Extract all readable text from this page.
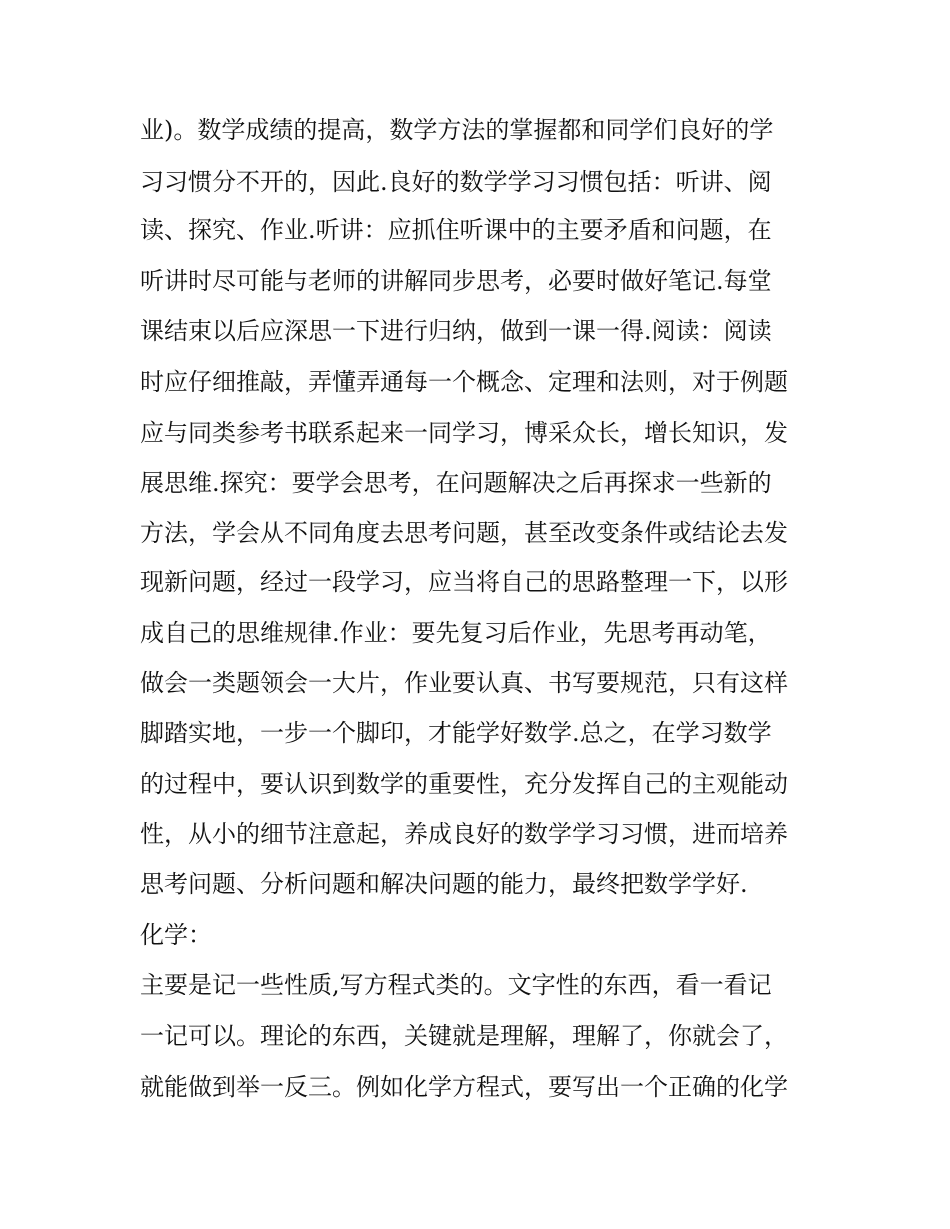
业)。数学成绩的提高，数学方法的掌握都和同学们良好的学

习习惯分不开的，因此.良好的数学学习习惯包括：听讲、阅

读、探究、作业.听讲：应抓住听课中的主要矛盾和问题，在

听讲时尽可能与老师的讲解同步思考，必要时做好笔记.每堂

课结束以后应深思一下进行归纳，做到一课一得.阅读：阅读

时应仔细推敲，弄懂弄通每一个概念、定理和法则，对于例题

应与同类参考书联系起来一同学习，博采众长，增长知识，发

展思维.探究：要学会思考，在问题解决之后再探求一些新的

方法，学会从不同角度去思考问题，甚至改变条件或结论去发

现新问题，经过一段学习，应当将自己的思路整理一下，以形

成自己的思维规律.作业：要先复习后作业，先思考再动笔，

做会一类题领会一大片，作业要认真、书写要规范，只有这样

脚踏实地，一步一个脚印，才能学好数学.总之，在学习数学

的过程中，要认识到数学的重要性，充分发挥自己的主观能动

性，从小的细节注意起，养成良好的数学学习习惯，进而培养

思考问题、分析问题和解决问题的能力，最终把数学学好.

化学：

主要是记一些性质,写方程式类的。文字性的东西，看一看记

一记可以。理论的东西，关键就是理解，理解了，你就会了，

就能做到举一反三。例如化学方程式，要写出一个正确的化学
